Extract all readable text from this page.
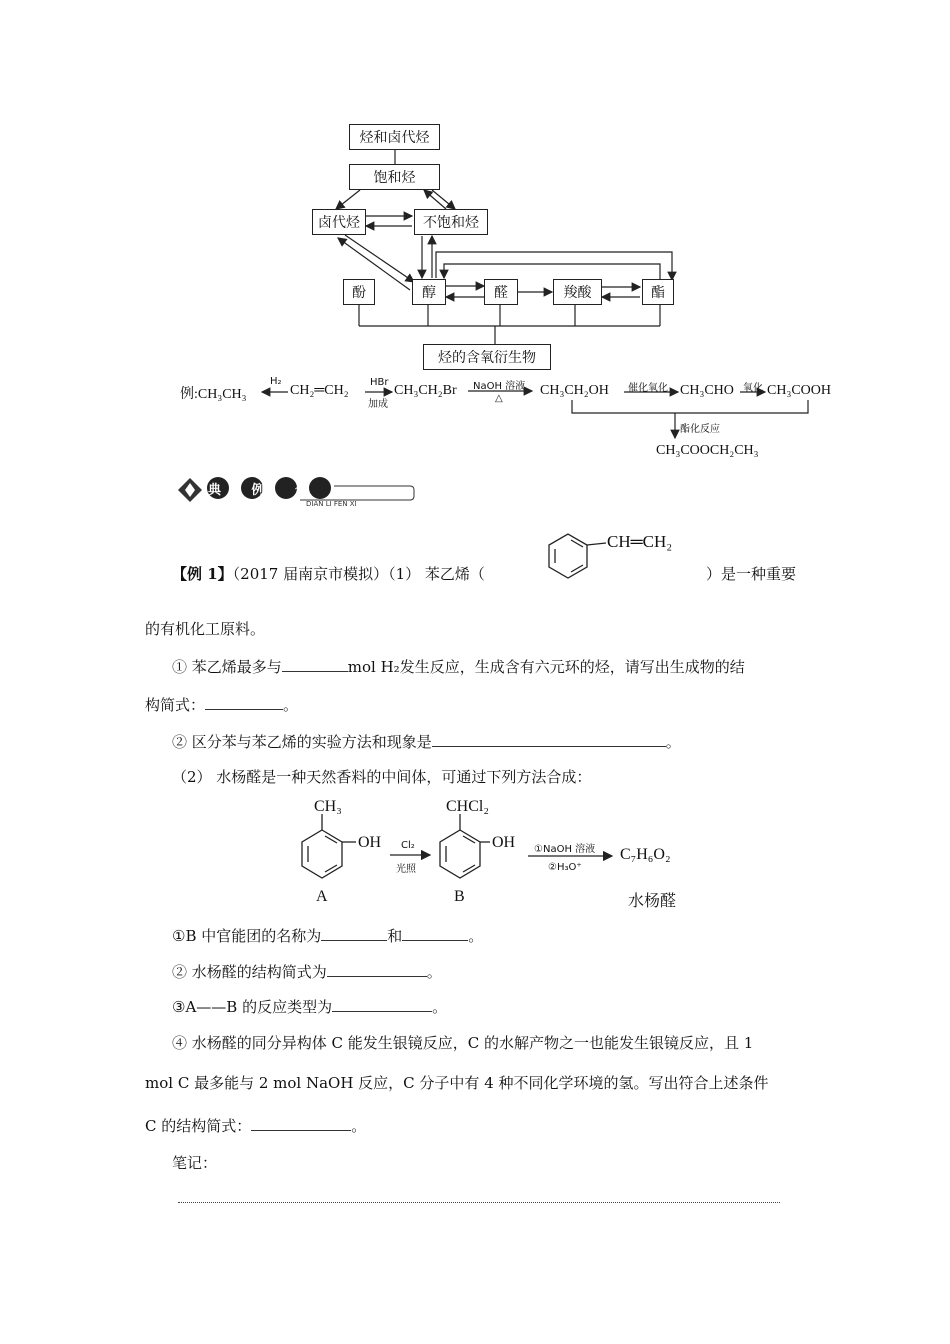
烃和卤代烃
饱和烃
卤代烃	不饱和烃
酚	醇	醛	羧酸	酯
烃的含氧衍生物
例:CH₃CH₃
H₂
CH₂═CH₂
HBr
加成
CH₃CH₂Br NaOH 溶液
△
CH₃CH₂OH 催化氧化 CH₃CHO 氧化 CH₃COOH
酯化反应
CH₃COOCH₂CH₃
典 例 分 析	DIAN LI FEN XI
CH═CH₂
【例 1】（2017 届南京市模拟）（1） 苯乙烯（	）是一种重要
的有机化工原料。
① 苯乙烯最多与	mol H₂发生反应，生成含有六元环的烃，请写出生成物的结
构简式：	。
② 区分苯与苯乙烯的实验方法和现象是	。
（2） 水杨醛是一种天然香料的中间体，可通过下列方法合成：
CH₃
OH
A
Cl₂
光照
CHCl₂
OH
B
①NaOH 溶液
②H₃O⁺
C₇H₆O₂
水杨醛
①B 中官能团的名称为	和	。
② 水杨醛的结构简式为	。
③A——B 的反应类型为	。
④ 水杨醛的同分异构体 C 能发生银镜反应，C 的水解产物之一也能发生银镜反应，且 1
mol C 最多能与 2 mol NaOH 反应，C 分子中有 4 种不同化学环境的氢。写出符合上述条件
C 的结构简式：	。
笔记：
